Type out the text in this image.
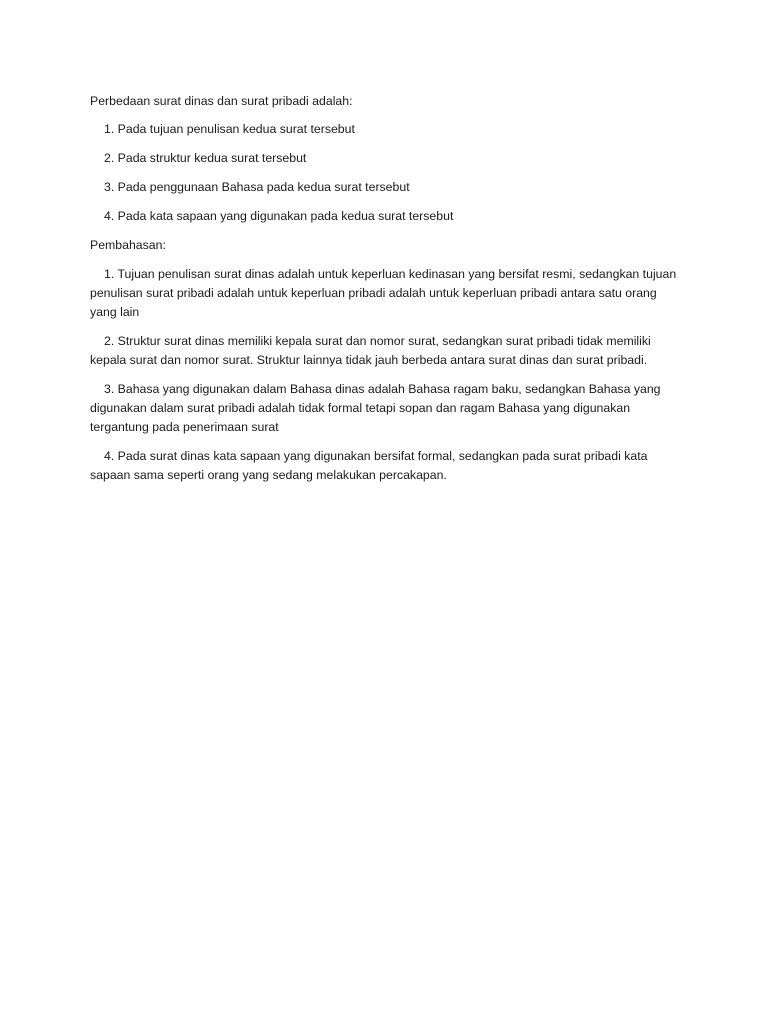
Perbedaan surat dinas dan surat pribadi adalah:

1. Pada tujuan penulisan kedua surat tersebut

2. Pada struktur kedua surat tersebut

3. Pada penggunaan Bahasa pada kedua surat tersebut

4. Pada kata sapaan yang digunakan pada kedua surat tersebut

Pembahasan:

1. Tujuan penulisan surat dinas adalah untuk keperluan kedinasan yang bersifat resmi, sedangkan tujuan penulisan surat pribadi adalah untuk keperluan pribadi adalah untuk keperluan pribadi antara satu orang yang lain

2. Struktur surat dinas memiliki kepala surat dan nomor surat, sedangkan surat pribadi tidak memiliki kepala surat dan nomor surat. Struktur lainnya tidak jauh berbeda antara surat dinas dan surat pribadi.

3. Bahasa yang digunakan dalam Bahasa dinas adalah Bahasa ragam baku, sedangkan Bahasa yang digunakan dalam surat pribadi adalah tidak formal tetapi sopan dan ragam Bahasa yang digunakan tergantung pada penerimaan surat

4. Pada surat dinas kata sapaan yang digunakan bersifat formal, sedangkan pada surat pribadi kata sapaan sama seperti orang yang sedang melakukan percakapan.
